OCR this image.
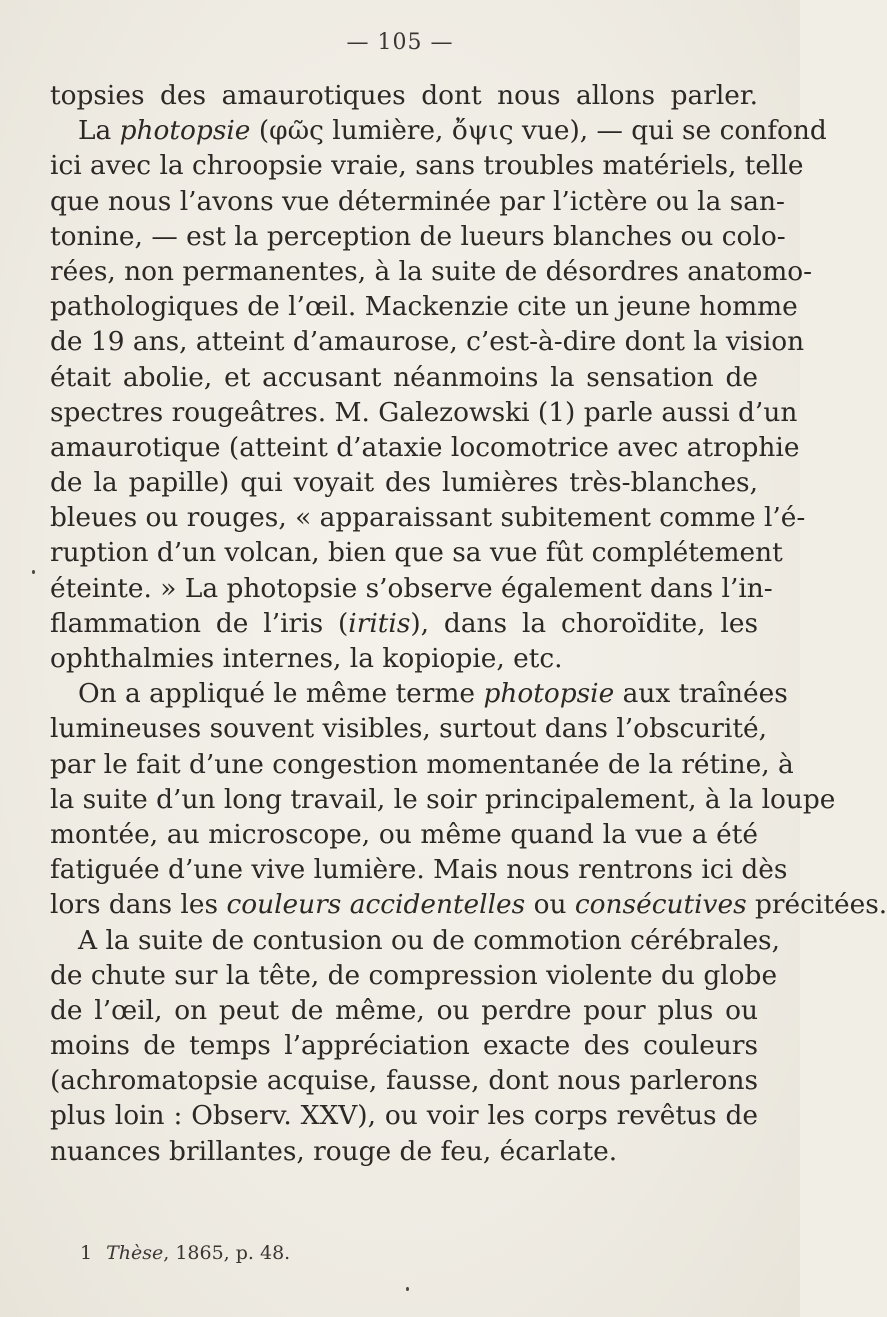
— 105 —
topsies des amaurotiques dont nous allons parler.
La photopsie (φῶς lumière, ὄψις vue), — qui se confond
ici avec la chroopsie vraie, sans troubles matériels, telle
que nous l’avons vue déterminée par l’ictère ou la san-
tonine, — est la perception de lueurs blanches ou colo-
rées, non permanentes, à la suite de désordres anatomo-
pathologiques de l’œil. Mackenzie cite un jeune homme
de 19 ans, atteint d’amaurose, c’est-à-dire dont la vision
était abolie, et accusant néanmoins la sensation de
spectres rougeâtres. M. Galezowski (1) parle aussi d’un
amaurotique (atteint d’ataxie locomotrice avec atrophie
de la papille) qui voyait des lumières très-blanches,
bleues ou rouges, « apparaissant subitement comme l’é-
ruption d’un volcan, bien que sa vue fût complétement
éteinte. » La photopsie s’observe également dans l’in-
flammation de l’iris (iritis), dans la choroïdite, les
ophthalmies internes, la kopiopie, etc.
On a appliqué le même terme photopsie aux traînées
lumineuses souvent visibles, surtout dans l’obscurité,
par le fait d’une congestion momentanée de la rétine, à
la suite d’un long travail, le soir principalement, à la loupe
montée, au microscope, ou même quand la vue a été
fatiguée d’une vive lumière. Mais nous rentrons ici dès
lors dans les couleurs accidentelles ou consécutives précitées.
A la suite de contusion ou de commotion cérébrales,
de chute sur la tête, de compression violente du globe
de l’œil, on peut de même, ou perdre pour plus ou
moins de temps l’appréciation exacte des couleurs
(achromatopsie acquise, fausse, dont nous parlerons
plus loin : Observ. XXV), ou voir les corps revêtus de
nuances brillantes, rouge de feu, écarlate.
1 Thèse, 1865, p. 48.
